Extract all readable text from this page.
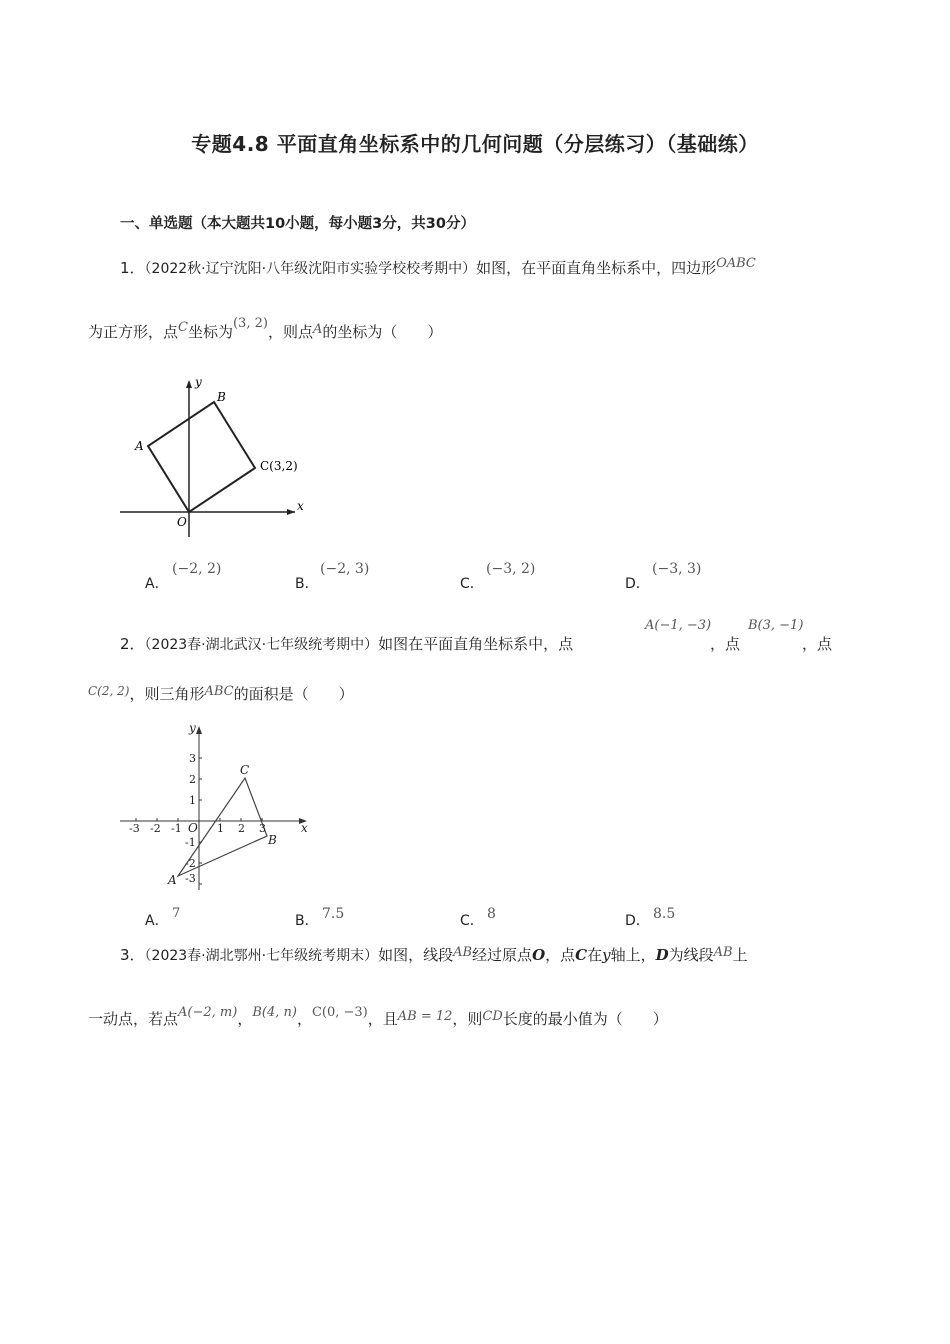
专题4.8 平面直角坐标系中的几何问题（分层练习）（基础练）
一、单选题（本大题共10小题，每小题3分，共30分）
1．（2022秋·辽宁沈阳·八年级沈阳市实验学校校考期中）如图，在平面直角坐标系中，四边形OABC
为正方形，点C坐标为(3, 2)，则点A的坐标为（　　）
y
x
O
A
B
C(3,2)
A．
(−2, 2)
B．
(−2, 3)
C．
(−3, 2)
D．
(−3, 3)
2．（2023春·湖北武汉·七年级统考期中）如图在平面直角坐标系中，点
A(−1, −3)
，点
B(3, −1)
，点
$^{C(2, 2)}$，则三角形ABC的面积是（　　）
-3 -2 -1	1 2 3
3
2
1
-1
-2
-3
y
x
O
A
B
C
A． 7	B． 7.5	C． 8	D． 8.5
3．（2023春·湖北鄂州·七年级统考期末）如图，线段AB经过原点O，点C在y轴上，D为线段AB上
一动点，若点A(−2, m)，B(4, n)，C(0, −3)，且AB = 12，则CD长度的最小值为（　　）
